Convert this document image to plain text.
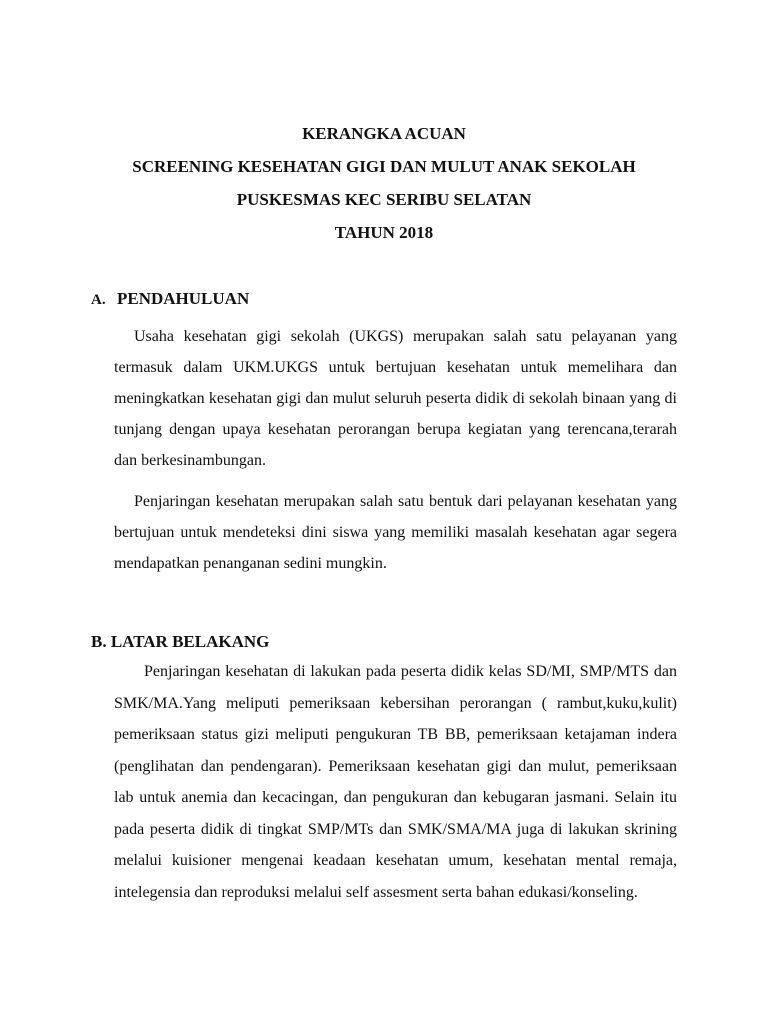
KERANGKA ACUAN
SCREENING KESEHATAN GIGI DAN MULUT ANAK SEKOLAH
PUSKESMAS KEC SERIBU SELATAN
TAHUN 2018
A. PENDAHULUAN

Usaha kesehatan gigi sekolah (UKGS) merupakan salah satu pelayanan yang termasuk dalam UKM.UKGS untuk bertujuan kesehatan untuk memelihara dan meningkatkan kesehatan gigi dan mulut seluruh peserta didik di sekolah binaan yang di tunjang dengan upaya kesehatan perorangan berupa kegiatan yang terencana,terarah dan berkesinambungan.

Penjaringan kesehatan merupakan salah satu bentuk dari pelayanan kesehatan yang bertujuan untuk mendeteksi dini siswa yang memiliki masalah kesehatan agar segera mendapatkan penanganan sedini mungkin.

B. LATAR BELAKANG

Penjaringan kesehatan di lakukan pada peserta didik kelas SD/MI, SMP/MTS dan SMK/MA.Yang meliputi pemeriksaan kebersihan perorangan ( rambut,kuku,kulit) pemeriksaan status gizi meliputi pengukuran TB BB, pemeriksaan ketajaman indera (penglihatan dan pendengaran). Pemeriksaan kesehatan gigi dan mulut, pemeriksaan lab untuk anemia dan kecacingan, dan pengukuran dan kebugaran jasmani. Selain itu pada peserta didik di tingkat SMP/MTs dan SMK/SMA/MA juga di lakukan skrining melalui kuisioner mengenai keadaan kesehatan umum, kesehatan mental remaja, intelegensia dan reproduksi melalui self assesment serta bahan edukasi/konseling.
